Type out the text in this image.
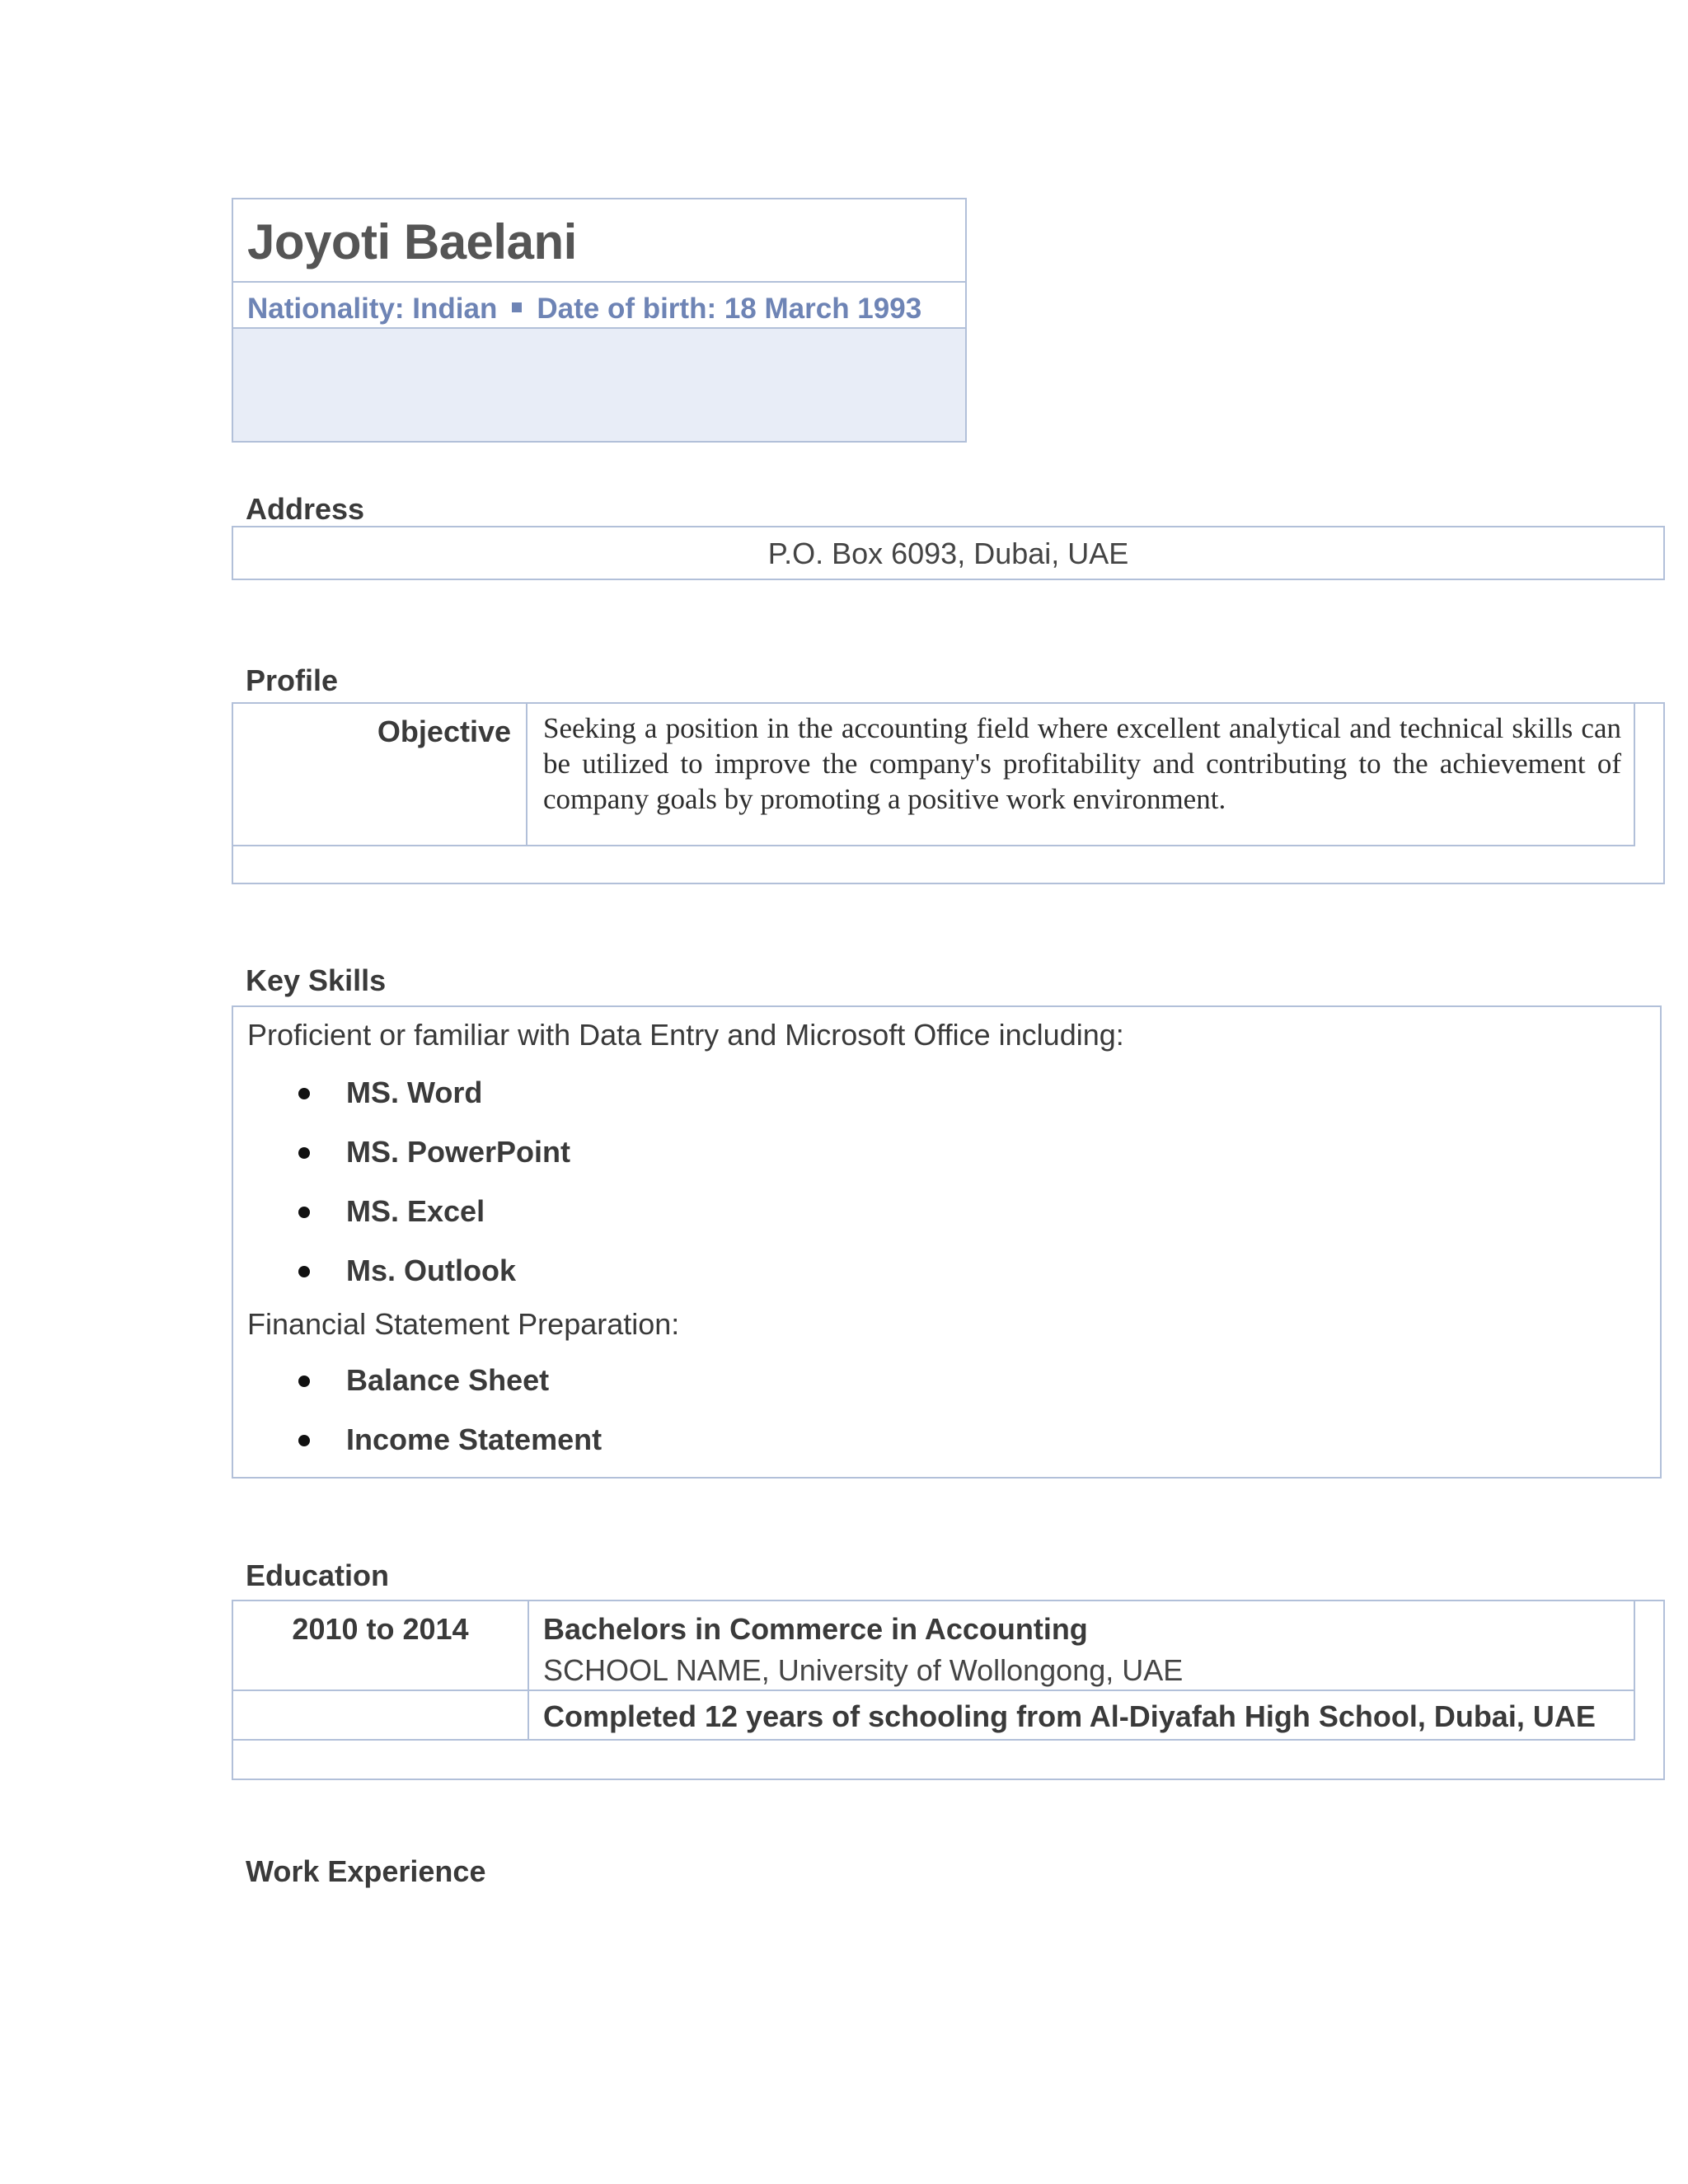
Joyoti Baelani
Nationality: Indian Date of birth: 18 March 1993
Address
P.O. Box 6093, Dubai, UAE
Profile
Objective	Seeking a position in the accounting field where excellent analytical and technical skills can be utilized to improve the company's profitability and contributing to the achievement of company goals by promoting a positive work environment.
Key Skills
Proficient or familiar with Data Entry and Microsoft Office including:
MS. Word
MS. PowerPoint
MS. Excel
Ms. Outlook
Financial Statement Preparation:
Balance Sheet
Income Statement
Education
2010 to 2014	Bachelors in Commerce in Accounting
SCHOOL NAME, University of Wollongong, UAE
Completed 12 years of schooling from Al-Diyafah High School, Dubai, UAE
Work Experience
